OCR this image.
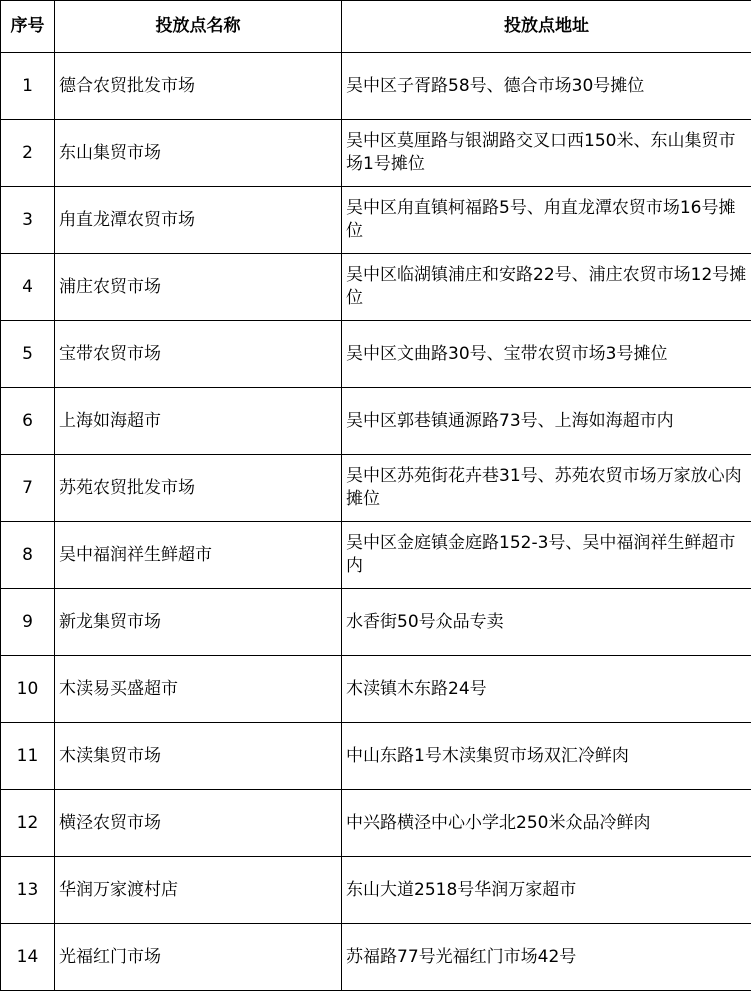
序号	投放点名称	投放点地址
1	德合农贸批发市场	吴中区子胥路58号、德合市场30号摊位
2	东山集贸市场	吴中区莫厘路与银湖路交叉口西150米、东山集贸市场1号摊位
3	甪直龙潭农贸市场	吴中区甪直镇柯福路5号、甪直龙潭农贸市场16号摊位
4	浦庄农贸市场	吴中区临湖镇浦庄和安路22号、浦庄农贸市场12号摊位
5	宝带农贸市场	吴中区文曲路30号、宝带农贸市场3号摊位
6	上海如海超市	吴中区郭巷镇通源路73号、上海如海超市内
7	苏苑农贸批发市场	吴中区苏苑街花卉巷31号、苏苑农贸市场万家放心肉摊位
8	吴中福润祥生鲜超市	吴中区金庭镇金庭路152-3号、吴中福润祥生鲜超市内
9	新龙集贸市场	水香街50号众品专卖
10	木渎易买盛超市	木渎镇木东路24号
11	木渎集贸市场	中山东路1号木渎集贸市场双汇冷鲜肉
12	横泾农贸市场	中兴路横泾中心小学北250米众品冷鲜肉
13	华润万家渡村店	东山大道2518号华润万家超市
14	光福红门市场	苏福路77号光福红门市场42号
